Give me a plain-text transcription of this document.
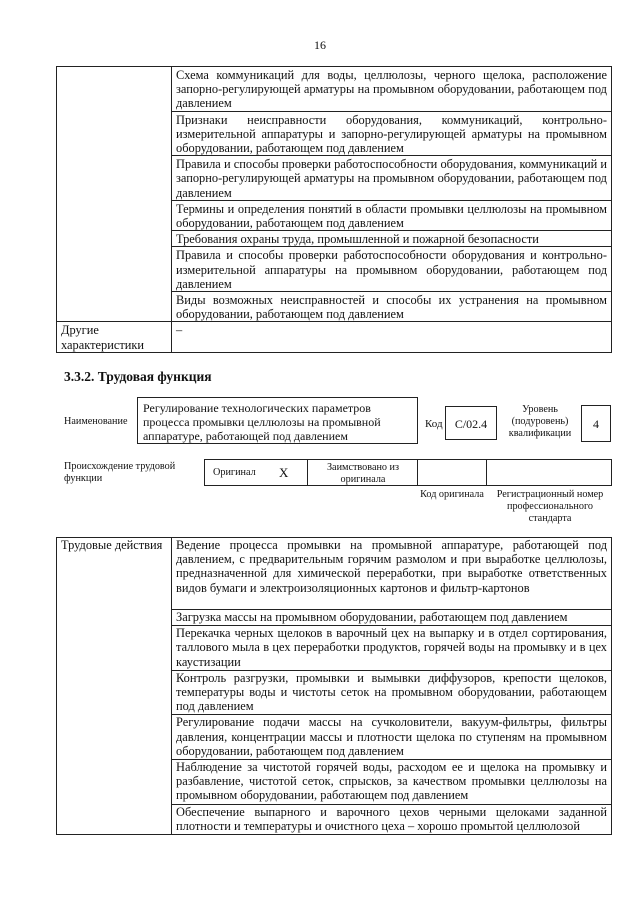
16
	Схема коммуникаций для воды, целлюлозы, черного щелока, расположение запорно-регулирующей арматуры на промывном оборудовании, работающем под давлением
	Признаки неисправности оборудования, коммуникаций, контрольно-измерительной аппаратуры и запорно-регулирующей арматуры на промывном оборудовании, работающем под давлением
	Правила и способы проверки работоспособности оборудования, коммуникаций и запорно-регулирующей арматуры на промывном оборудовании, работающем под давлением
	Термины и определения понятий в области промывки целлюлозы на промывном оборудовании, работающем под давлением
	Требования охраны труда, промышленной и пожарной безопасности
	Правила и способы проверки работоспособности оборудования и контрольно-измерительной аппаратуры на промывном оборудовании, работающем под давлением
	Виды возможных неисправностей и способы их устранения на промывном оборудовании, работающем под давлением
Другие характеристики	–
3.3.2. Трудовая функция
Наименование
Регулирование технологических параметров процесса промывки целлюлозы на промывной аппаратуре, работающей под давлением
Код	С/02.4
Уровень (подуровень) квалификации
4
Происхождение трудовой функции
Оригинал Х	Заимствовано из оригинала
Код оригинала	Регистрационный номер профессионального стандарта
Трудовые действия	Ведение процесса промывки на промывной аппаратуре, работающей под давлением, с предварительным горячим размолом и при выработке целлюлозы, предназначенной для химической переработки, при выработке ответственных видов бумаги и электроизоляционных картонов и фильтр-картонов
Загрузка массы на промывном оборудовании, работающем под давлением
Перекачка черных щелоков в варочный цех на выпарку и в отдел сортирования, таллового мыла в цех переработки продуктов, горячей воды на промывку и в цех каустизации
Контроль разгрузки, промывки и вымывки диффузоров, крепости щелоков, температуры воды и чистоты сеток на промывном оборудовании, работающем под давлением
Регулирование подачи массы на сучколовители, вакуум-фильтры, фильтры давления, концентрации массы и плотности щелока по ступеням на промывном оборудовании, работающем под давлением
Наблюдение за чистотой горячей воды, расходом ее и щелока на промывку и разбавление, чистотой сеток, спрысков, за качеством промывки целлюлозы на промывном оборудовании, работающем под давлением
Обеспечение выпарного и варочного цехов черными щелоками заданной плотности и температуры и очистного цеха – хорошо промытой целлюлозой
